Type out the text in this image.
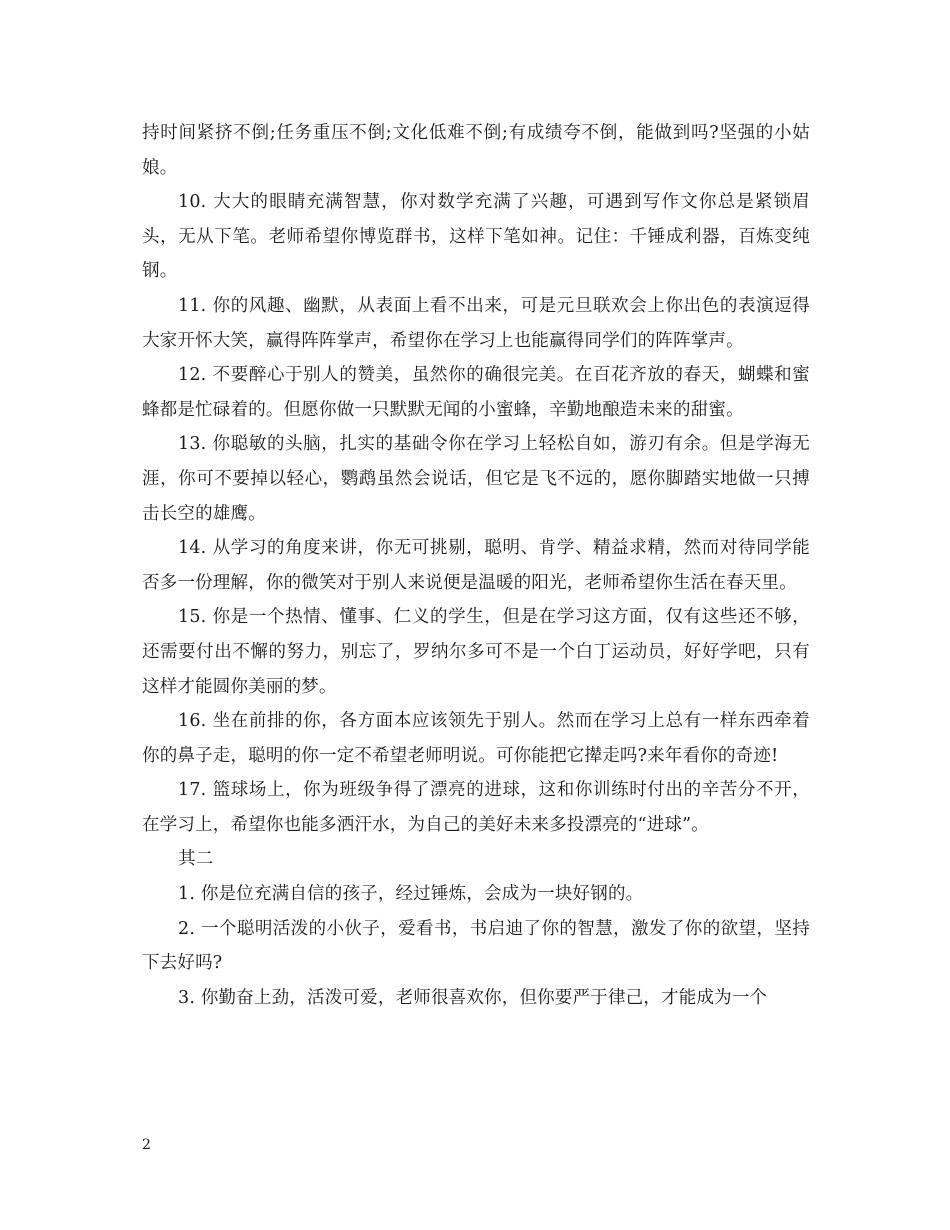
持时间紧挤不倒;任务重压不倒;文化低难不倒;有成绩夸不倒，能做到吗?坚强的小姑娘。

10. 大大的眼睛充满智慧，你对数学充满了兴趣，可遇到写作文你总是紧锁眉头，无从下笔。老师希望你博览群书，这样下笔如神。记住：千锤成利器，百炼变纯钢。

11. 你的风趣、幽默，从表面上看不出来，可是元旦联欢会上你出色的表演逗得大家开怀大笑，赢得阵阵掌声，希望你在学习上也能赢得同学们的阵阵掌声。

12. 不要醉心于别人的赞美，虽然你的确很完美。在百花齐放的春天，蝴蝶和蜜蜂都是忙碌着的。但愿你做一只默默无闻的小蜜蜂，辛勤地酿造未来的甜蜜。

13. 你聪敏的头脑，扎实的基础令你在学习上轻松自如，游刃有余。但是学海无涯，你可不要掉以轻心，鹦鹉虽然会说话，但它是飞不远的，愿你脚踏实地做一只搏击长空的雄鹰。

14. 从学习的角度来讲，你无可挑剔，聪明、肯学、精益求精，然而对待同学能否多一份理解，你的微笑对于别人来说便是温暖的阳光，老师希望你生活在春天里。

15. 你是一个热情、懂事、仁义的学生，但是在学习这方面，仅有这些还不够，还需要付出不懈的努力，别忘了，罗纳尔多可不是一个白丁运动员，好好学吧，只有这样才能圆你美丽的梦。

16. 坐在前排的你，各方面本应该领先于别人。然而在学习上总有一样东西牵着你的鼻子走，聪明的你一定不希望老师明说。可你能把它撵走吗?来年看你的奇迹!

17. 篮球场上，你为班级争得了漂亮的进球，这和你训练时付出的辛苦分不开，在学习上，希望你也能多洒汗水，为自己的美好未来多投漂亮的“进球”。

其二

1. 你是位充满自信的孩子，经过锤炼，会成为一块好钢的。

2. 一个聪明活泼的小伙子，爱看书，书启迪了你的智慧，激发了你的欲望，坚持下去好吗?

3. 你勤奋上劲，活泼可爱，老师很喜欢你，但你要严于律己，才能成为一个

2
